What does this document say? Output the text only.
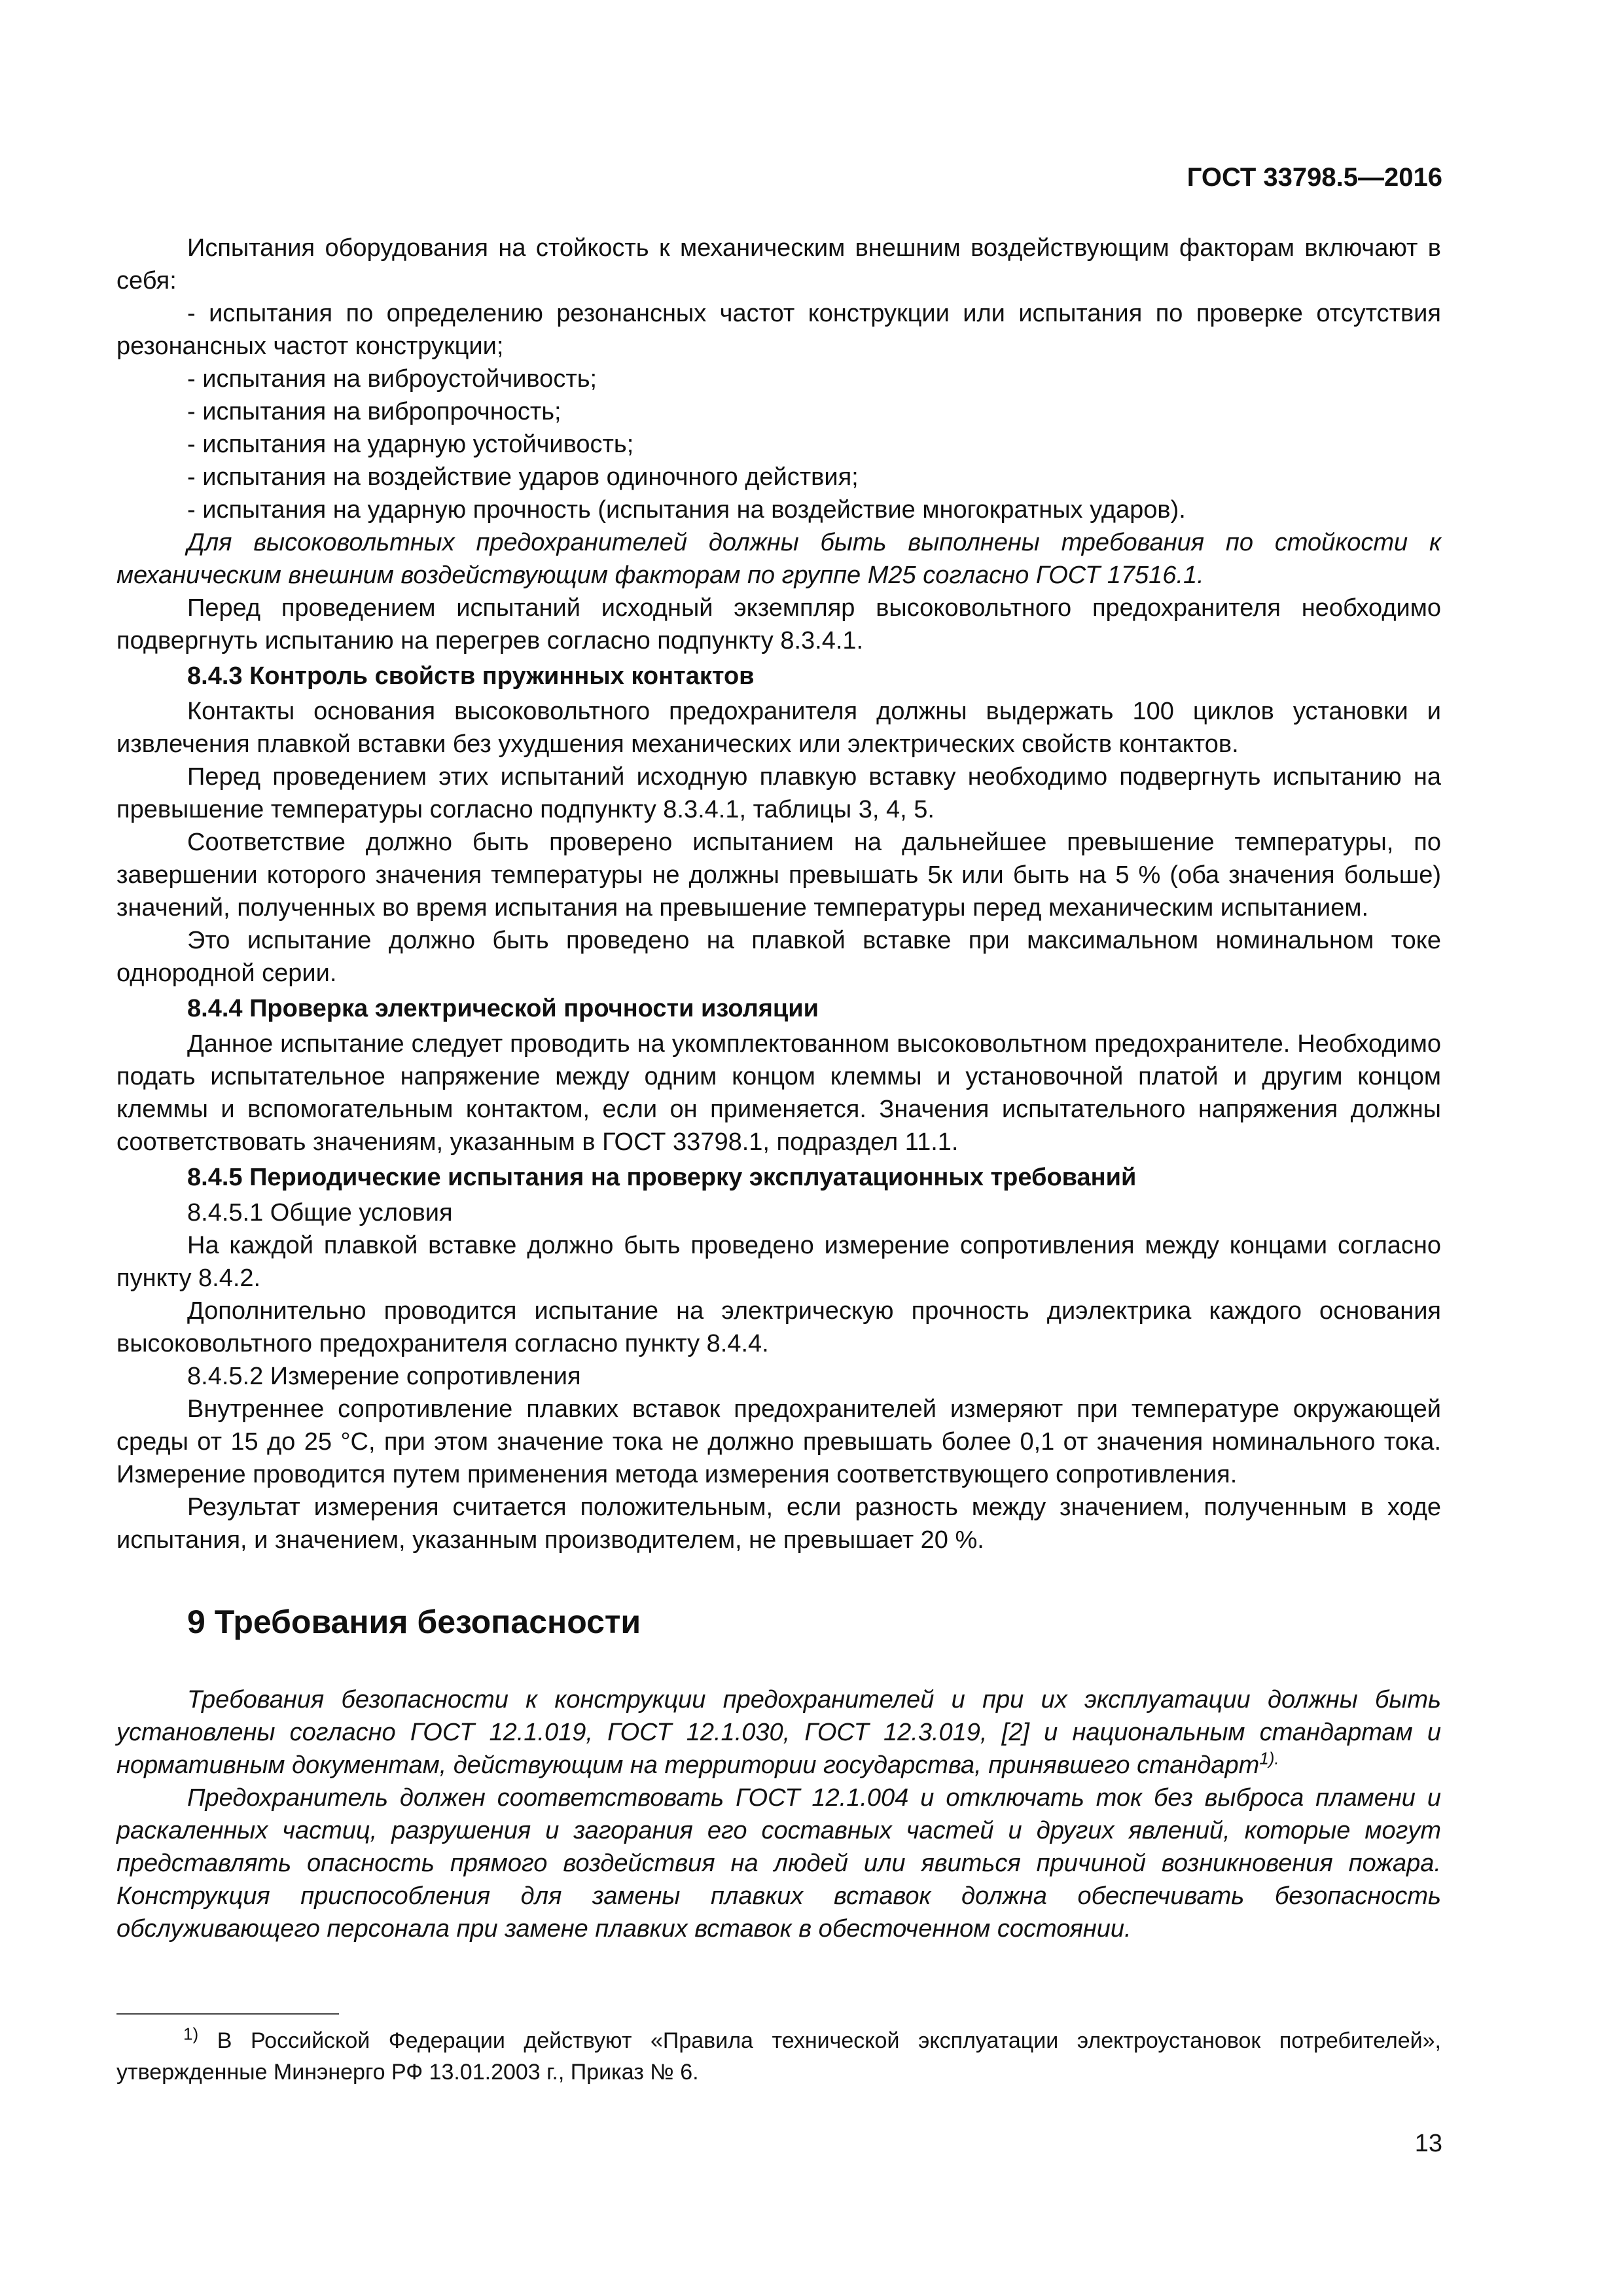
ГОСТ 33798.5—2016

Испытания оборудования на стойкость к механическим внешним воздействующим факторам включают в себя:

- испытания по определению резонансных частот конструкции или испытания по проверке отсутствия резонансных частот конструкции;

- испытания на виброустойчивость;

- испытания на вибропрочность;

- испытания на ударную устойчивость;

- испытания на воздействие ударов одиночного действия;

- испытания на ударную прочность (испытания на воздействие многократных ударов).

Для высоковольтных предохранителей должны быть выполнены требования по стойкости к механическим внешним воздействующим факторам по группе М25 согласно ГОСТ 17516.1.

Перед проведением испытаний исходный экземпляр высоковольтного предохранителя необходимо подвергнуть испытанию на перегрев согласно подпункту 8.3.4.1.

8.4.3 Контроль свойств пружинных контактов

Контакты основания высоковольтного предохранителя должны выдержать 100 циклов установки и извлечения плавкой вставки без ухудшения механических или электрических свойств контактов.

Перед проведением этих испытаний исходную плавкую вставку необходимо подвергнуть испытанию на превышение температуры согласно подпункту 8.3.4.1, таблицы 3, 4, 5.

Соответствие должно быть проверено испытанием на дальнейшее превышение температуры, по завершении которого значения температуры не должны превышать 5к или быть на 5 % (оба значения больше) значений, полученных во время испытания на превышение температуры перед механическим испытанием.

Это испытание должно быть проведено на плавкой вставке при максимальном номинальном токе однородной серии.

8.4.4 Проверка электрической прочности изоляции

Данное испытание следует проводить на укомплектованном высоковольтном предохранителе. Необходимо подать испытательное напряжение между одним концом клеммы и установочной платой и другим концом клеммы и вспомогательным контактом, если он применяется. Значения испытательного напряжения должны соответствовать значениям, указанным в ГОСТ 33798.1, подраздел 11.1.

8.4.5 Периодические испытания на проверку эксплуатационных требований

8.4.5.1 Общие условия

На каждой плавкой вставке должно быть проведено измерение сопротивления между концами согласно пункту 8.4.2.

Дополнительно проводится испытание на электрическую прочность диэлектрика каждого основания высоковольтного предохранителя согласно пункту 8.4.4.

8.4.5.2 Измерение сопротивления

Внутреннее сопротивление плавких вставок предохранителей измеряют при температуре окружающей среды от 15 до 25 °C, при этом значение тока не должно превышать более 0,1 от значения номинального тока. Измерение проводится путем применения метода измерения соответствующего сопротивления.

Результат измерения считается положительным, если разность между значением, полученным в ходе испытания, и значением, указанным производителем, не превышает 20 %.

9 Требования безопасности

Требования безопасности к конструкции предохранителей и при их эксплуатации должны быть установлены согласно ГОСТ 12.1.019, ГОСТ 12.1.030, ГОСТ 12.3.019, [2] и национальным стандартам и нормативным документам, действующим на территории государства, принявшего стандарт$^{1).}$

Предохранитель должен соответствовать ГОСТ 12.1.004 и отключать ток без выброса пламени и раскаленных частиц, разрушения и загорания его составных частей и других явлений, которые могут представлять опасность прямого воздействия на людей или явиться причиной возникновения пожара. Конструкция приспособления для замены плавких вставок должна обеспечивать безопасность обслуживающего персонала при замене плавких вставок в обесточенном состоянии.

$^{1)}$ В Российской Федерации действуют «Правила технической эксплуатации электроустановок потребителей», утвержденные Минэнерго РФ 13.01.2003 г., Приказ № 6.
13
